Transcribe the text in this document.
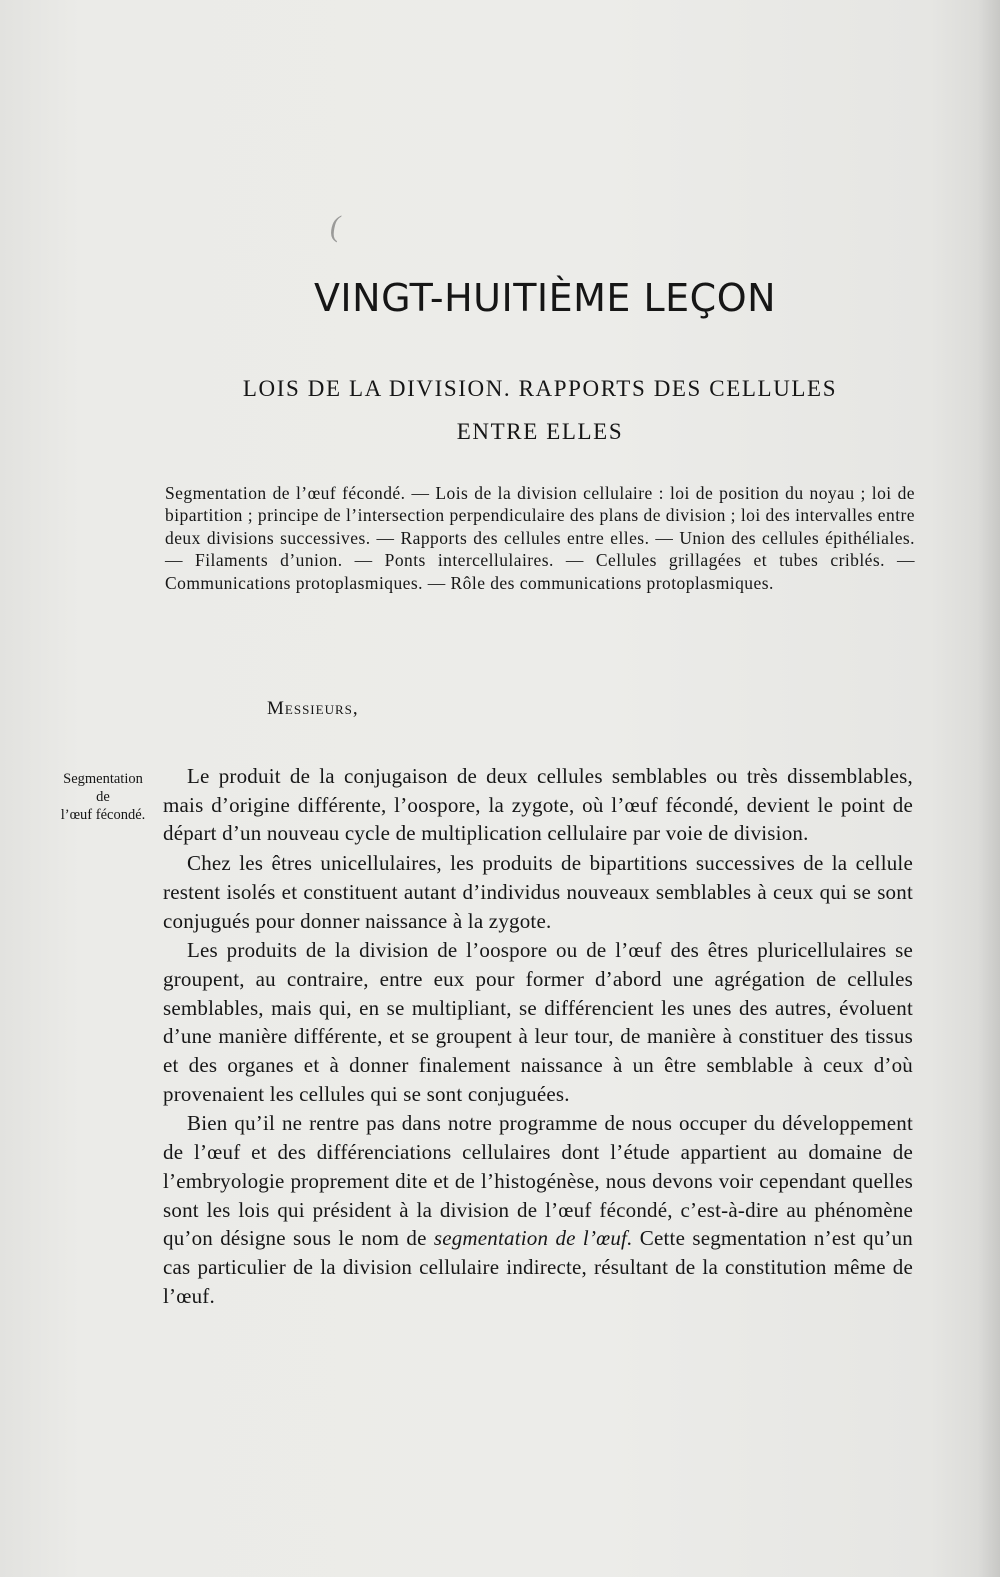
(
VINGT-HUITIÈME LEÇON
LOIS DE LA DIVISION. RAPPORTS DES CELLULES
ENTRE ELLES

Segmentation de l’œuf fécondé. — Lois de la division cellulaire : loi de position du noyau ; loi de bipartition ; principe de l’intersection perpendiculaire des plans de division ; loi des intervalles entre deux divisions successives. — Rapports des cellules entre elles. — Union des cellules épithéliales. — Filaments d’union. — Ponts intercellulaires. — Cellules grillagées et tubes criblés. — Communications protoplasmiques. — Rôle des communications protoplasmiques.

Messieurs,

Segmentation
de
l’œuf fécondé.

Le produit de la conjugaison de deux cellules semblables ou très dissemblables, mais d’origine différente, l’oospore, la zygote, où l’œuf fécondé, devient le point de départ d’un nouveau cycle de multiplication cellulaire par voie de division.

Chez les êtres unicellulaires, les produits de bipartitions successives de la cellule restent isolés et constituent autant d’individus nouveaux semblables à ceux qui se sont conjugués pour donner naissance à la zygote.

Les produits de la division de l’oospore ou de l’œuf des êtres pluricellulaires se groupent, au contraire, entre eux pour former d’abord une agrégation de cellules semblables, mais qui, en se multipliant, se différencient les unes des autres, évoluent d’une manière différente, et se groupent à leur tour, de manière à constituer des tissus et des organes et à donner finalement naissance à un être semblable à ceux d’où provenaient les cellules qui se sont conjuguées.

Bien qu’il ne rentre pas dans notre programme de nous occuper du développement de l’œuf et des différenciations cellulaires dont l’étude appartient au domaine de l’embryologie proprement dite et de l’histogénèse, nous devons voir cependant quelles sont les lois qui président à la division de l’œuf fécondé, c’est-à-dire au phénomène qu’on désigne sous le nom de segmentation de l’œuf. Cette segmentation n’est qu’un cas particulier de la division cellulaire indirecte, résultant de la constitution même de l’œuf.
